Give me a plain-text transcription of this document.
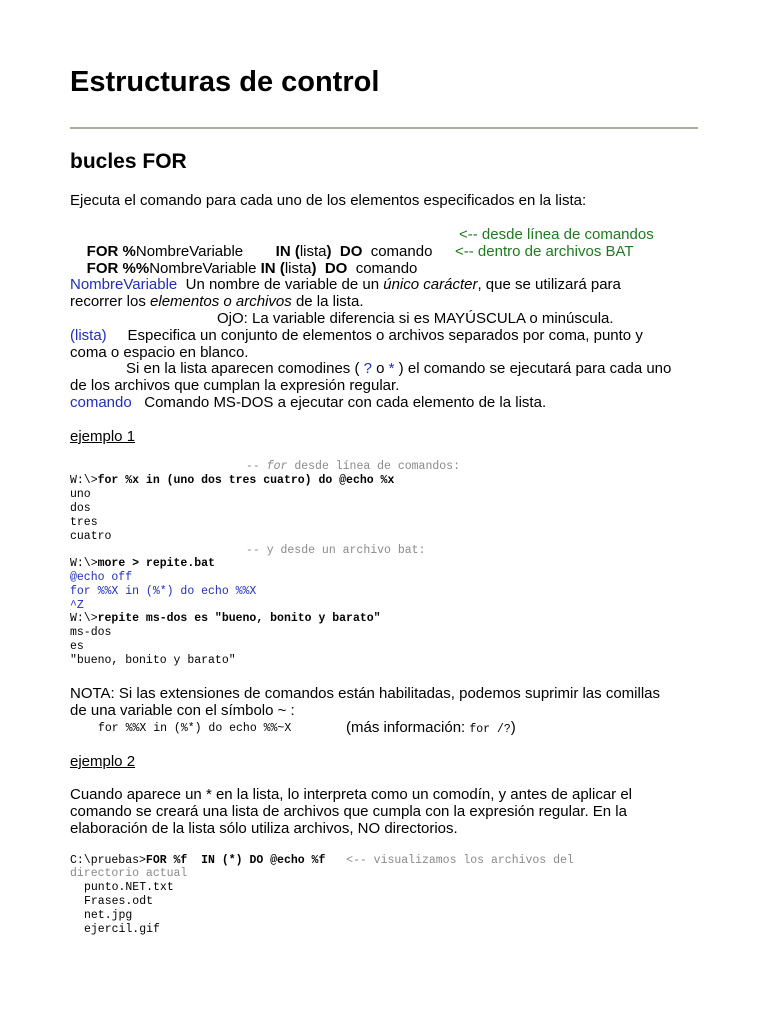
Estructuras de control
bucles FOR
Ejecuta el comando para cada uno de los elementos especificados en la lista:

FOR %NombreVariable
	IN (lista) DO comando

<-- desde línea de comandos

FOR %%NombreVariable IN (lista) DO comando

<-- dentro de archivos BAT
NombreVariable Un nombre de variable de un único carácter, que se utilizará para
recorrer los elementos o archivos de la lista.
OjO: La variable diferencia si es MAYÚSCULA o minúscula.
(lista) Especifica un conjunto de elementos o archivos separados por coma, punto y
coma o espacio en blanco.
Si en la lista aparecen comodines ( ? o * ) el comando se ejecutará para cada uno
de los archivos que cumplan la expresión regular.
comando Comando MS-DOS a ejecutar con cada elemento de la lista.
ejemplo 1
-- for desde línea de comandos:
W:\>for %x in (uno dos tres cuatro) do @echo %x
uno
dos
tres
cuatro
-- y desde un archivo bat:
W:\>more > repite.bat
@echo off
for %%X in (%*) do echo %%X
^Z
W:\>repite ms-dos es "bueno, bonito y barato"
ms-dos
es
"bueno, bonito y barato"
NOTA: Si las extensiones de comandos están habilitadas, podemos suprimir las comillas
de una variable con el símbolo ~ :
for %%X in (%*) do echo %%~X	(más información: for /?)
ejemplo 2
Cuando aparece un * en la lista, lo interpreta como un comodín, y antes de aplicar el
comando se creará una lista de archivos que cumpla con la expresión regular. En la
elaboración de la lista sólo utiliza archivos, NO directorios.
C:\pruebas>FOR %f  IN (*) DO @echo %f   <-- visualizamos los archivos del
directorio actual
punto.NET.txt
Frases.odt
net.jpg
ejercil.gif
